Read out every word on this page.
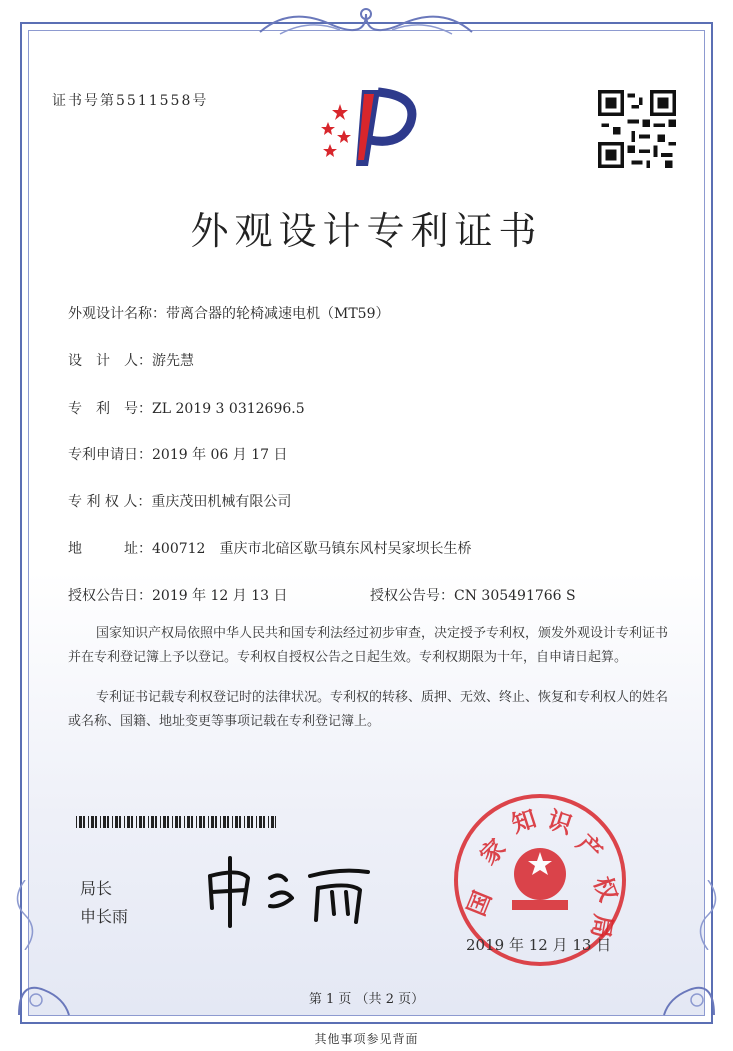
证书号第5511558号
外观设计专利证书
外观设计名称：带离合器的轮椅减速电机（MT59）
设　计　人：游先慧
专　利　号：ZL 2019 3 0312696.5
专利申请日：2019 年 06 月 17 日
专 利 权 人：重庆茂田机械有限公司
地　　　址：400712　重庆市北碚区歇马镇东风村吴家坝长生桥
授权公告日：2019 年 12 月 13 日	授权公告号：CN 305491766 S
国家知识产权局依照中华人民共和国专利法经过初步审查，决定授予专利权，颁发外观设计专利证书并在专利登记簿上予以登记。专利权自授权公告之日起生效。专利权期限为十年，自申请日起算。
专利证书记载专利权登记时的法律状况。专利权的转移、质押、无效、终止、恢复和专利权人的姓名或名称、国籍、地址变更等事项记载在专利登记簿上。
局长
申长雨	国
家
知 识
产
权
局
2019 年 12 月 13 日
第 1 页 （共 2 页）
其他事项参见背面
